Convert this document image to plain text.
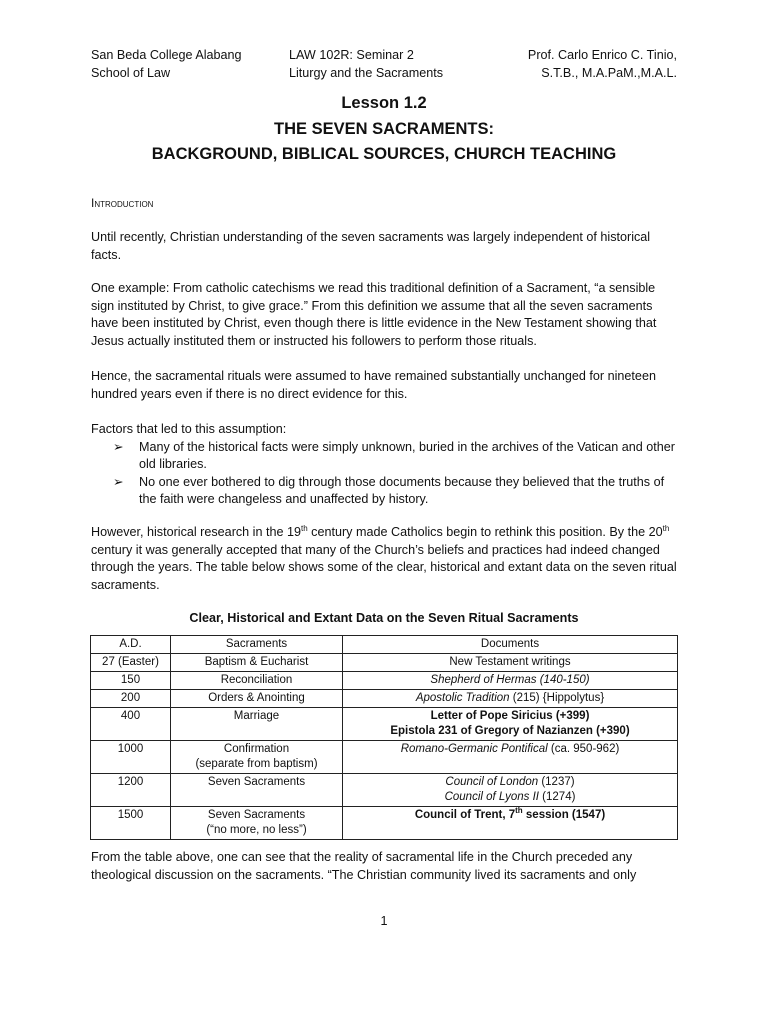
San Beda College Alabang
School of Law
LAW 102R: Seminar 2
Liturgy and the Sacraments
Prof. Carlo Enrico C. Tinio,
S.T.B., M.A.PaM.,M.A.L.
Lesson 1.2
THE SEVEN SACRAMENTS:
BACKGROUND, BIBLICAL SOURCES, CHURCH TEACHING
Introduction

Until recently, Christian understanding of the seven sacraments was largely independent of historical facts.

One example: From catholic catechisms we read this traditional definition of a Sacrament, “a sensible sign instituted by Christ, to give grace.” From this definition we assume that all the seven sacraments have been instituted by Christ, even though there is little evidence in the New Testament showing that Jesus actually instituted them or instructed his followers to perform those rituals.

Hence, the sacramental rituals were assumed to have remained substantially unchanged for nineteen hundred years even if there is no direct evidence for this.

Factors that led to this assumption:

➢ Many of the historical facts were simply unknown, buried in the archives of the Vatican and other old libraries.
➢ No one ever bothered to dig through those documents because they believed that the truths of the faith were changeless and unaffected by history.

However, historical research in the 19th century made Catholics begin to rethink this position. By the 20th century it was generally accepted that many of the Church’s beliefs and practices had indeed changed through the years. The table below shows some of the clear, historical and extant data on the seven ritual sacraments.

Clear, Historical and Extant Data on the Seven Ritual Sacraments
A.D.	Sacraments	Documents
27 (Easter)	Baptism & Eucharist	New Testament writings
150	Reconciliation	Shepherd of Hermas (140-150)
200	Orders & Anointing	Apostolic Tradition (215) {Hippolytus}
400	Marriage	Letter of Pope Siricius (+399)
Epistola 231 of Gregory of Nazianzen (+390)

1000	Confirmation
(separate from baptism)	Romano-Germanic Pontifical (ca. 950-962)
1200	Seven Sacraments	Council of London (1237)
Council of Lyons II (1274)

1500	Seven Sacraments
(“no more, no less”)	Council of Trent, 7th session (1547)

From the table above, one can see that the reality of sacramental life in the Church preceded any theological discussion on the sacraments. “The Christian community lived its sacraments and only

1
